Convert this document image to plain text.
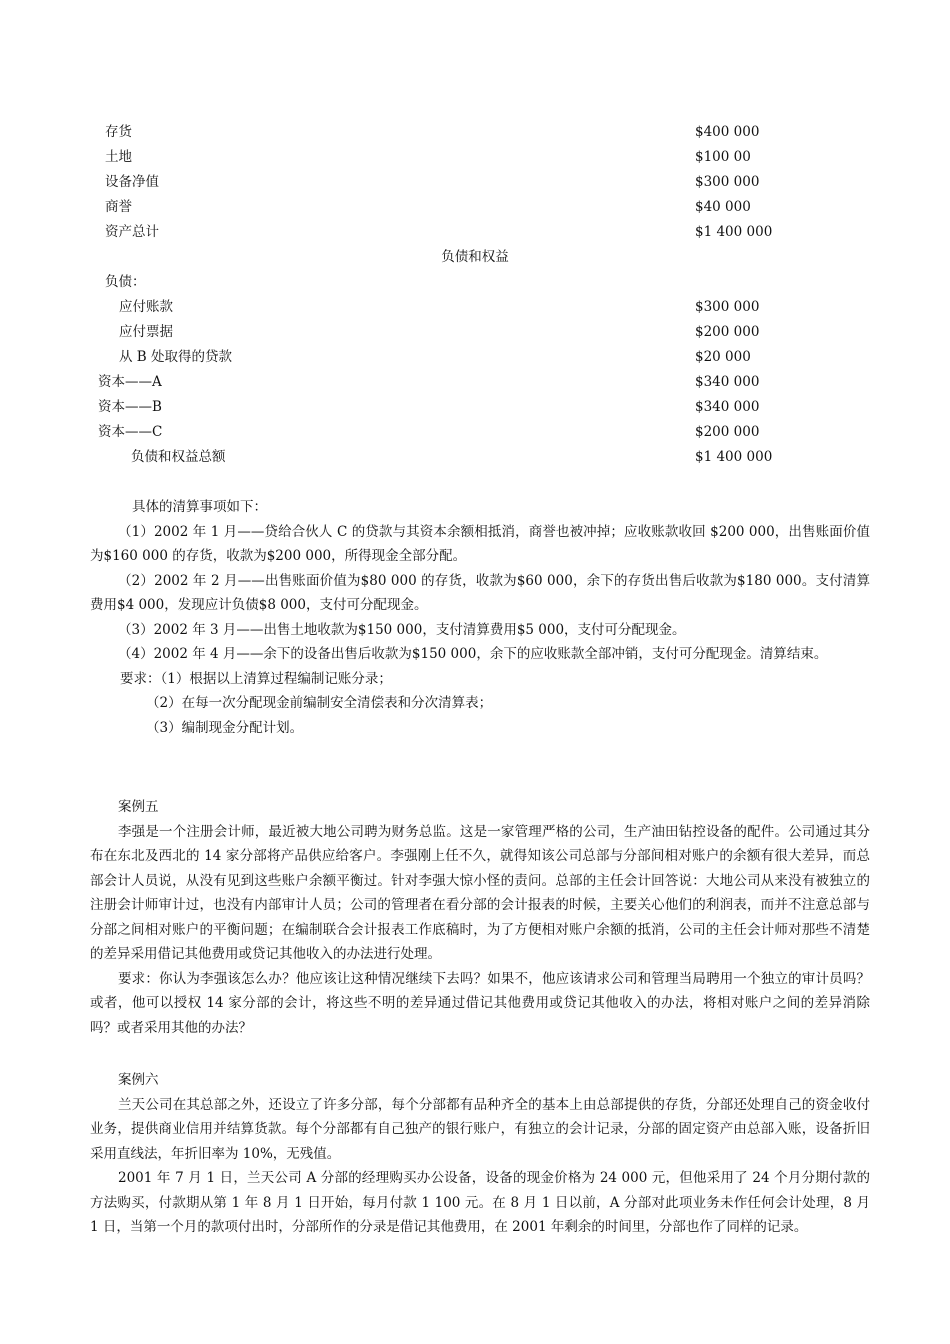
存货	$400 000
土地	$100 00
设备净值	$300 000
商誉	$40 000
资产总计	$1 400 000
负债和权益
负债：
应付账款	$300 000
应付票据	$200 000
从 B 处取得的贷款	$20 000
资本——A	$340 000
资本——B	$340 000
资本——C	$200 000
负债和权益总额	$1 400 000

具体的清算事项如下：

（1）2002 年 1 月——贷给合伙人 C 的贷款与其资本余额相抵消，商誉也被冲掉；应收账款收回 $200 000，出售账面价值为$160 000 的存货，收款为$200 000，所得现金全部分配。

（2）2002 年 2 月——出售账面价值为$80 000 的存货，收款为$60 000，余下的存货出售后收款为$180 000。支付清算费用$4 000，发现应计负债$8 000，支付可分配现金。

（3）2002 年 3 月——出售土地收款为$150 000，支付清算费用$5 000，支付可分配现金。

（4）2002 年 4 月——余下的设备出售后收款为$150 000，余下的应收账款全部冲销，支付可分配现金。清算结束。

要求：（1）根据以上清算过程编制记账分录；

（2）在每一次分配现金前编制安全清偿表和分次清算表；

（3）编制现金分配计划。

案例五

李强是一个注册会计师，最近被大地公司聘为财务总监。这是一家管理严格的公司，生产油田钻控设备的配件。公司通过其分布在东北及西北的 14 家分部将产品供应给客户。李强刚上任不久，就得知该公司总部与分部间相对账户的余额有很大差异，而总部会计人员说，从没有见到这些账户余额平衡过。针对李强大惊小怪的责问。总部的主任会计回答说：大地公司从来没有被独立的注册会计师审计过，也没有内部审计人员；公司的管理者在看分部的会计报表的时候，主要关心他们的利润表，而并不注意总部与分部之间相对账户的平衡问题；在编制联合会计报表工作底稿时，为了方便相对账户余额的抵消，公司的主任会计师对那些不清楚的差异采用借记其他费用或贷记其他收入的办法进行处理。

要求：你认为李强该怎么办？他应该让这种情况继续下去吗？如果不，他应该请求公司和管理当局聘用一个独立的审计员吗？或者，他可以授权 14 家分部的会计，将这些不明的差异通过借记其他费用或贷记其他收入的办法，将相对账户之间的差异消除吗？或者采用其他的办法？

案例六

兰天公司在其总部之外，还设立了许多分部，每个分部都有品种齐全的基本上由总部提供的存货，分部还处理自己的资金收付业务，提供商业信用并结算货款。每个分部都有自己独产的银行账户，有独立的会计记录，分部的固定资产由总部入账，设备折旧采用直线法，年折旧率为 10%，无残值。

2001 年 7 月 1 日，兰天公司 A 分部的经理购买办公设备，设备的现金价格为 24 000 元，但他采用了 24 个月分期付款的方法购买，付款期从第 1 年 8 月 1 日开始，每月付款 1 100 元。在 8 月 1 日以前，A 分部对此项业务未作任何会计处理，8 月 1 日，当第一个月的款项付出时，分部所作的分录是借记其他费用，在 2001 年剩余的时间里，分部也作了同样的记录。
